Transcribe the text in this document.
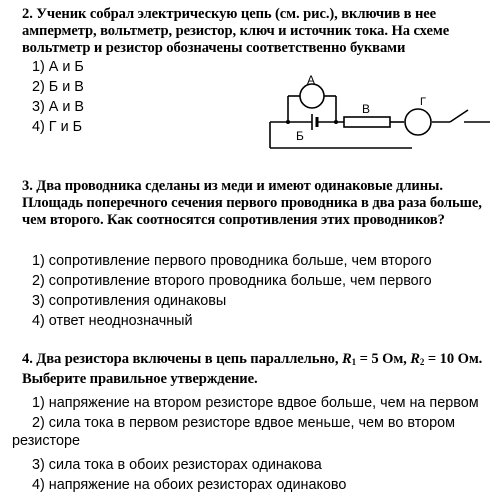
2. Ученик собрал электрическую цепь (см. рис.), включив в нее амперметр, вольтметр, резистор, ключ и источник тока. На схеме вольтметр и резистор обозначены соответственно буквами
1) А и Б
2) Б и В
3) А и В
4) Г и Б
А
Б
В	Г
3. Два проводника сделаны из меди и имеют одинаковые длины. Площадь поперечного сечения первого проводника в два раза больше, чем второго. Как соотносятся сопротивления этих проводников?
1) сопротивление первого проводника больше, чем второго
2) сопротивление второго проводника больше, чем первого
3) сопротивления одинаковы
4) ответ неоднозначный
4. Два резистора включены в цепь параллельно, $R_1 = 5$ Ом, $R_2 = 10$ Ом. Выберите правильное утверждение.
1) напряжение на втором резисторе вдвое больше, чем на первом
2) сила тока в первом резисторе вдвое меньше, чем во втором
резисторе
3) сила тока в обоих резисторах одинакова
4) напряжение на обоих резисторах одинаково
